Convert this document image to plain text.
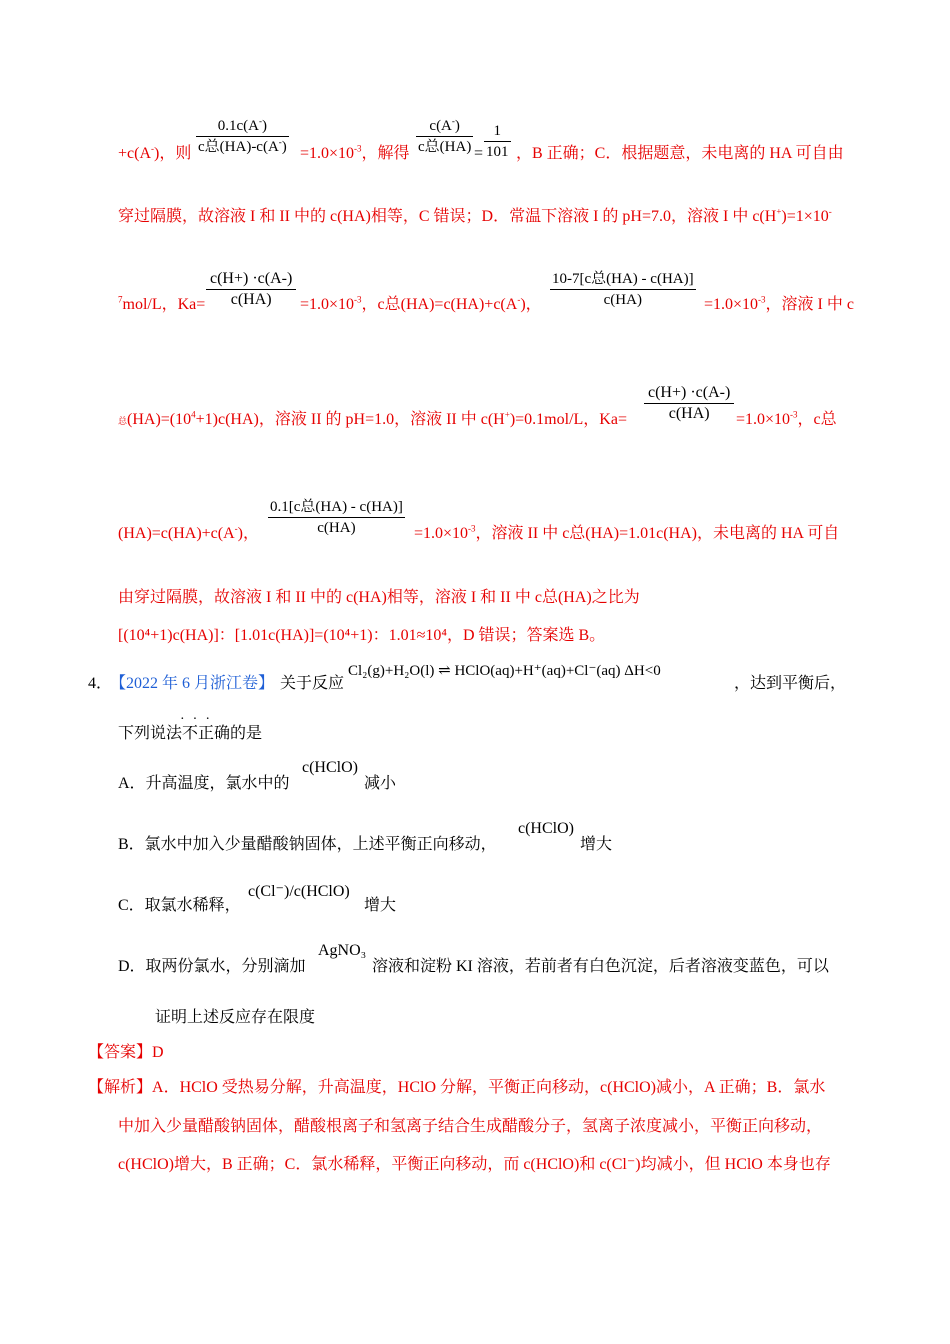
+c(A-)，则
0.1c(A-)
c总$(HA)-c(A^-) =1.0\times 10^{-3}$，解得
c(A-)
c总$(HA) = \frac{1}{101}$ ，B 正确；C．根据题意，未电离的 HA 可自由
穿过隔膜，故溶液 I 和 II 中的 c(HA)相等，C 错误；D．常温下溶液 I 的 pH=7.0，溶液 I 中 c(H+)=1×10-
$^7$mol/L，$Ka= \frac{c(H+) \cdot c(A-)}{c(HA)} =1.0\times 10^{-3}$，c总(HA)=c(HA)+c(A-)，
10-7[c总(HA) - c(HA)]
c(HA)	$=1.0\times 10^{-3}$，溶液 I 中 c
总$(HA)=(10^4+1)c(HA)$，溶液 II 的 pH=1.0，溶液 II 中 c(H+)=0.1mol/L，$Ka= \frac{c(H+) \cdot c(A-)}{c(HA)} =1.0\times 10^{-3}$，c总
(HA)=c(HA)+c(A-)，
0.1[c总(HA) - c(HA)]
c(HA)	$=1.0\times 10^{-3}$，溶液 II 中 c总(HA)=1.01c(HA)，未电离的 HA 可自
由穿过隔膜，故溶液 I 和 II 中的 c(HA)相等，溶液 I 和 II 中 c总(HA)之比为
[(10⁴+1)c(HA)]：[1.01c(HA)]=(10⁴+1)：1.01≈10⁴，D 错误；答案选 B。
4．
【2022 年 6 月浙江卷】 关于反应
Cl₂(g)+H₂O(l) ⇌ HClO(aq)+H⁺(aq)+Cl⁻(aq) ΔH<0
，达到平衡后，
下列说法
···
不正确的是
A．升高温度，氯水中的
c(HClO)
减小
B．氯水中加入少量醋酸钠固体，上述平衡正向移动，
c(HClO)
增大
C．取氯水稀释，
c(Cl⁻)/c(HClO)
增大
D．取两份氯水，分别滴加
AgNO₃
溶液和淀粉 KI 溶液，若前者有白色沉淀，后者溶液变蓝色，可以
证明上述反应存在限度
【答案】D
【解析】A．HClO 受热易分解，升高温度，HClO 分解，平衡正向移动，c(HClO)减小，A 正确；B．氯水
中加入少量醋酸钠固体，醋酸根离子和氢离子结合生成醋酸分子，氢离子浓度减小，平衡正向移动，
c(HClO)增大，B 正确；C．氯水稀释，平衡正向移动，而 c(HClO)和 c(Cl⁻)均减小，但 HClO 本身也存
